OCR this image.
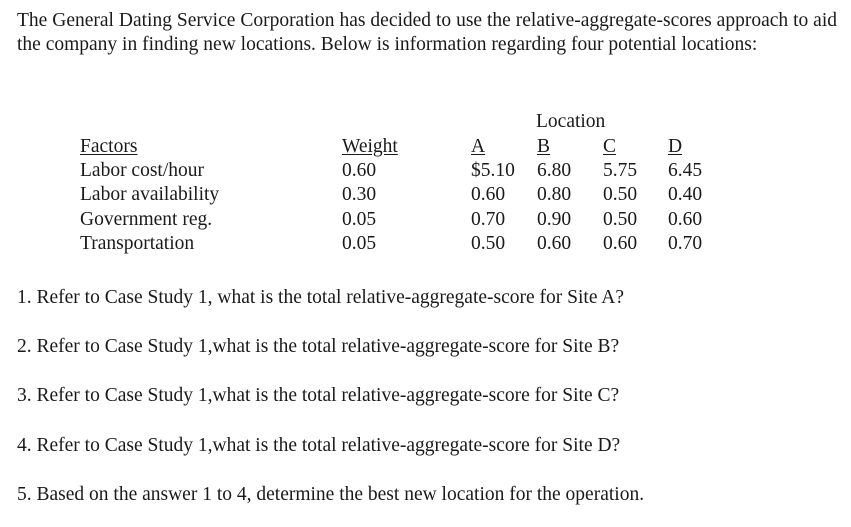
The General Dating Service Corporation has decided to use the relative-aggregate-scores approach to aid the company in finding new locations. Below is information regarding four potential locations:

Location
Factors	Weight	A	B	C	D
Labor cost/hour	0.60	$5.10 6.80 5.75 6.45
Labor availability	0.30	0.60 0.80 0.50 0.40
Government reg.	0.05	0.70 0.90 0.50 0.60
Transportation	0.05	0.50 0.60 0.60 0.70

1. Refer to Case Study 1, what is the total relative-aggregate-score for Site A?

2. Refer to Case Study 1,what is the total relative-aggregate-score for Site B?

3. Refer to Case Study 1,what is the total relative-aggregate-score for Site C?

4. Refer to Case Study 1,what is the total relative-aggregate-score for Site D?

5. Based on the answer 1 to 4, determine the best new location for the operation.
